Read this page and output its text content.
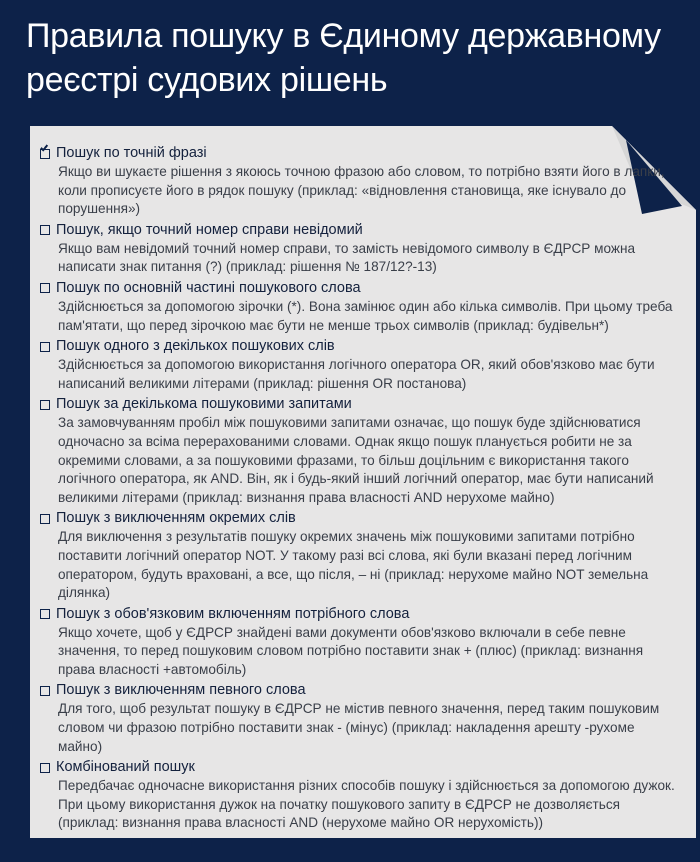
Правила пошуку в Єдиному державному реєстрі судових рішень
Пошук по точній фразі

Якщо ви шукаєте рішення з якоюсь точною фразою або словом, то потрібно взяти його в лапки, коли прописуєте його в рядок пошуку (приклад: «відновлення становища, яке існувало до порушення»)

Пошук, якщо точний номер справи невідомий

Якщо вам невідомий точний номер справи, то замість невідомого символу в ЄДРСР можна написати знак питання (?) (приклад: рішення № 187/12?-13)

Пошук по основній частині пошукового слова

Здійснюється за допомогою зірочки (*). Вона замінює один або кілька символів. При цьому треба пам'ятати, що перед зірочкою має бути не менше трьох символів (приклад: будівельн*)

Пошук одного з декількох пошукових слів

Здійснюється за допомогою використання логічного оператора OR, який обов'язково має бути написаний великими літерами (приклад: рішення OR постанова)

Пошук за декількома пошуковими запитами

За замовчуванням пробіл між пошуковими запитами означає, що пошук буде здійснюватися одночасно за всіма перерахованими словами. Однак якщо пошук планується робити не за окремими словами, а за пошуковими фразами, то більш доцільним є використання такого логічного оператора, як AND. Він, як і будь-який інший логічний оператор, має бути написаний великими літерами (приклад: визнання права власності AND нерухоме майно)

Пошук з виключенням окремих слів

Для виключення з результатів пошуку окремих значень між пошуковими запитами потрібно поставити логічний оператор NOT. У такому разі всі слова, які були вказані перед логічним оператором, будуть враховані, а все, що після, – ні (приклад: нерухоме майно NOT земельна ділянка)

Пошук з обов'язковим включенням потрібного слова

Якщо хочете, щоб у ЄДРСР знайдені вами документи обов'язково включали в себе певне значення, то перед пошуковим словом потрібно поставити знак + (плюс) (приклад: визнання права власності +автомобіль)

Пошук з виключенням певного слова

Для того, щоб результат пошуку в ЄДРСР не містив певного значення, перед таким пошуковим словом чи фразою потрібно поставити знак - (мінус) (приклад: накладення арешту -рухоме майно)

Комбінований пошук

Передбачає одночасне використання різних способів пошуку і здійснюється за допомогою дужок. При цьому використання дужок на початку пошукового запиту в ЄДРСР не дозволяється (приклад: визнання права власності AND (нерухоме майно OR нерухомість))
